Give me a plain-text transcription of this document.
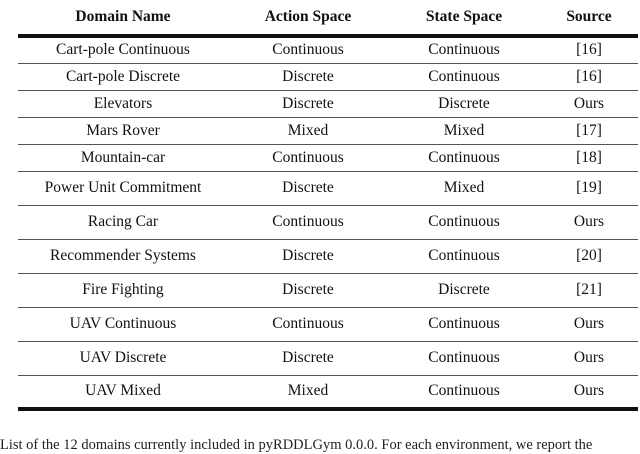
Domain Name	Action Space	State Space	Source
Cart-pole Continuous	Continuous	Continuous	[16]
Cart-pole Discrete	Discrete	Continuous	[16]
Elevators	Discrete	Discrete	Ours
Mars Rover	Mixed	Mixed	[17]
Mountain-car	Continuous	Continuous	[18]
Power Unit Commitment	Discrete	Mixed	[19]
Racing Car	Continuous	Continuous	Ours
Recommender Systems	Discrete	Continuous	[20]
Fire Fighting	Discrete	Discrete	[21]
UAV Continuous	Continuous	Continuous	Ours
UAV Discrete	Discrete	Continuous	Ours
UAV Mixed	Mixed	Continuous	Ours
List of the 12 domains currently included in pyRDDLGym 0.0.0. For each environment, we report the
